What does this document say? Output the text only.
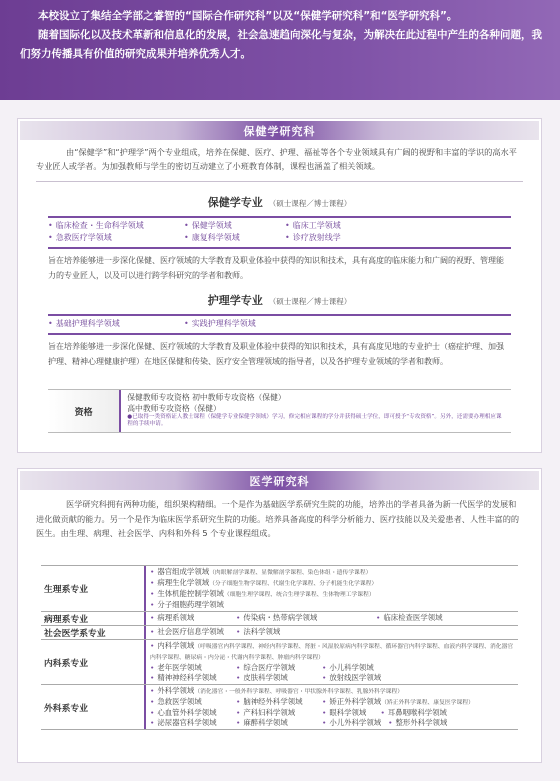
本校设立了集结全学部之睿智的“国际合作研究科”以及“保健学研究科”和“医学研究科”。

随着国际化以及技术革新和信息化的发展，社会急速趋向深化与复杂，为解决在此过程中产生的各种问题，我们努力传播具有价值的研究成果并培养优秀人才。

保健学研究科

由“保健学”和“护理学”两个专业组成，培养在保健、医疗、护理、福祉等各个专业领域具有广阔的视野和丰富的学识的高水平专业匠人或学者。为加强教师与学生的密切互动建立了小班教育体制，课程也涵盖了相关领域。

保健学专业 （硕士课程／博士课程）
• 临床检查・生命科学领域	• 保健学领域	• 临床工学领域
• 急救医疗学领域	• 康复科学领域	• 诊疗放射线学
旨在培养能够进一步深化保健、医疗领域的大学教育及职业体验中获得的知识和技术，具有高度的临床能力和广阔的视野、管理能力的专业匠人，以及可以进行跨学科研究的学者和教师。
护理学专业 （硕士课程／博士课程）
• 基础护理科学领域	• 实践护理科学领域
旨在培养能够进一步深化保健、医疗领域的大学教育及职业体验中获得的知识和技术，具有高度见地的专业护士（癌症护理、加强护理、精神心理健康护理）在地区保健和传染、医疗安全管理领域的指导者，以及各护理专业领域的学者和教师。
资格
保健教师专攻资格 初中教师专攻资格（保健）
高中教师专攻资格（保健）
●已取得一类资格证人教士课程（保健学专业保健学领域）学习，修完相应课程的学分并获得硕士学位，即可授予“专攻资格”。另外，还需要办理相应课程的手续申请。
医学研究科

医学研究科拥有两种功能，组织架构精细。一个是作为基础医学系研究生院的功能，培养出的学者具备为新一代医学的发展和进化做贡献的能力。另一个是作为临床医学系研究生院的功能。培养具备高度的科学分析能力、医疗技能以及关爱患者、人性丰富的的医生。由生理、病理、社会医学、内科和外科 5 个专业课程组成。

生理系专业
• 器官组成学领域（肉眼解剖学课程、显微解剖学课程、染色体组・遗传学课程）
• 病理生化学领域（分子细胞生物学课程、代谢生化学课程、分子机能生化学课程）
• 生体机能控制学领域（细胞生理学课程、统合生理学课程、生体物理工学课程）
• 分子细胞药理学领域
病理系专业	• 病理系领域	• 传染病・热带病学领域	• 临床检查医学领域
社会医学系专业	• 社会医疗信息学领域	• 法科学领域
内科系专业
• 内科学领域（呼吸器官内科学课程、神经内科学课程、肾脏・风湿胶原病内科学课程、循环器官内科学课程、血液内科学课程、消化器官内科学课程、糖尿病・内分泌・代谢内科学课程、肿瘤内科学课程）
• 老年医学领域	• 综合医疗学领域	• 小儿科学领域
• 精神神经科学领域	• 皮肤科学领域	• 放射线医学领域
外科系专业
• 外科学领域（消化器官・一般外科学课程、呼吸器官・甲状腺外科学课程、乳腺外科学课程）
• 急救医学领域	• 脑神经外科学领域	• 矫正外科学领域（矫正外科学课程、康复医学课程）
• 心血管外科学领域	• 产科妇科学领域	• 眼科学领域	• 耳鼻咽喉科学领域
• 泌尿器官科学领域	• 麻醉科学领域	• 小儿外科学领域 • 整形外科学领域
